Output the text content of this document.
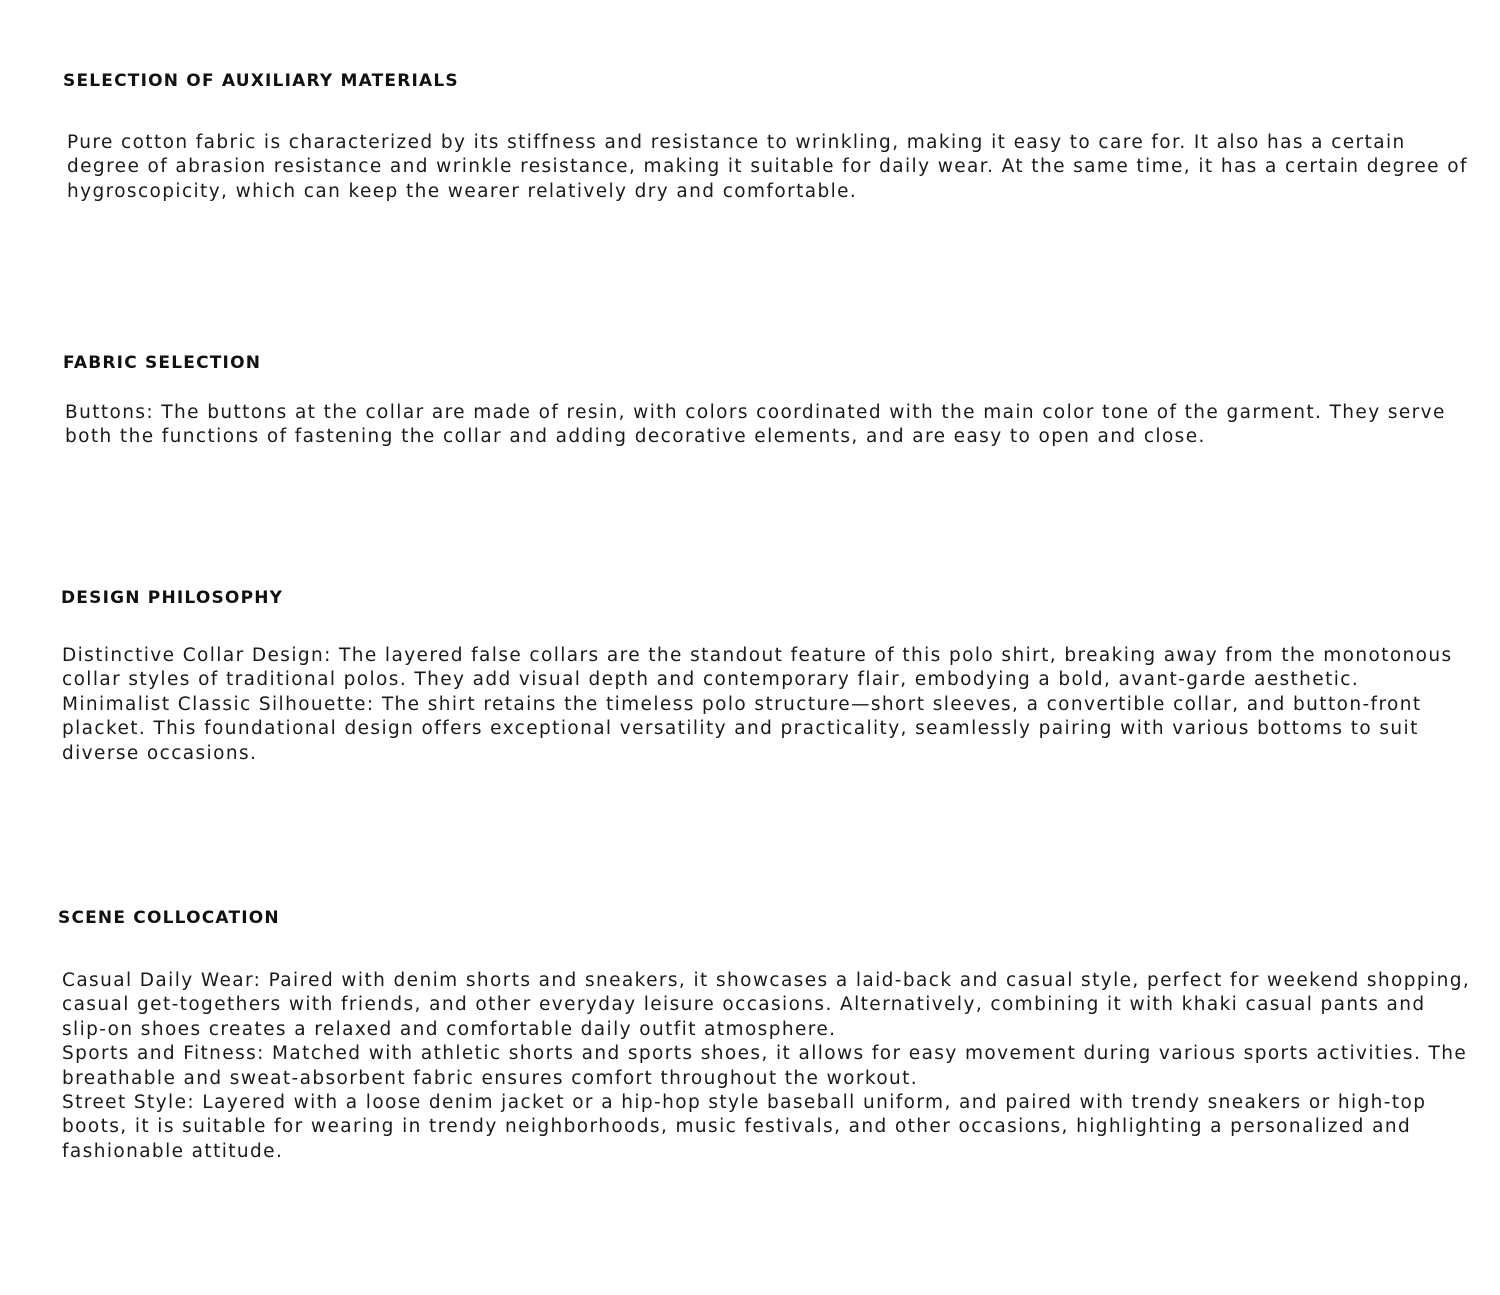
SELECTION OF AUXILIARY MATERIALS

Pure cotton fabric is characterized by its stiffness and resistance to wrinkling, making it easy to care for. It also has a certain
degree of abrasion resistance and wrinkle resistance, making it suitable for daily wear. At the same time, it has a certain degree of
hygroscopicity, which can keep the wearer relatively dry and comfortable.

FABRIC SELECTION

Buttons: The buttons at the collar are made of resin, with colors coordinated with the main color tone of the garment. They serve
both the functions of fastening the collar and adding decorative elements, and are easy to open and close.

DESIGN PHILOSOPHY

Distinctive Collar Design: The layered false collars are the standout feature of this polo shirt, breaking away from the monotonous
collar styles of traditional polos. They add visual depth and contemporary flair, embodying a bold, avant-garde aesthetic.
Minimalist Classic Silhouette: The shirt retains the timeless polo structure—short sleeves, a convertible collar, and button-front
placket. This foundational design offers exceptional versatility and practicality, seamlessly pairing with various bottoms to suit
diverse occasions.

SCENE COLLOCATION

Casual Daily Wear: Paired with denim shorts and sneakers, it showcases a laid-back and casual style, perfect for weekend shopping,
casual get-togethers with friends, and other everyday leisure occasions. Alternatively, combining it with khaki casual pants and
slip-on shoes creates a relaxed and comfortable daily outfit atmosphere.
Sports and Fitness: Matched with athletic shorts and sports shoes, it allows for easy movement during various sports activities. The
breathable and sweat-absorbent fabric ensures comfort throughout the workout.
Street Style: Layered with a loose denim jacket or a hip-hop style baseball uniform, and paired with trendy sneakers or high-top
boots, it is suitable for wearing in trendy neighborhoods, music festivals, and other occasions, highlighting a personalized and
fashionable attitude.
